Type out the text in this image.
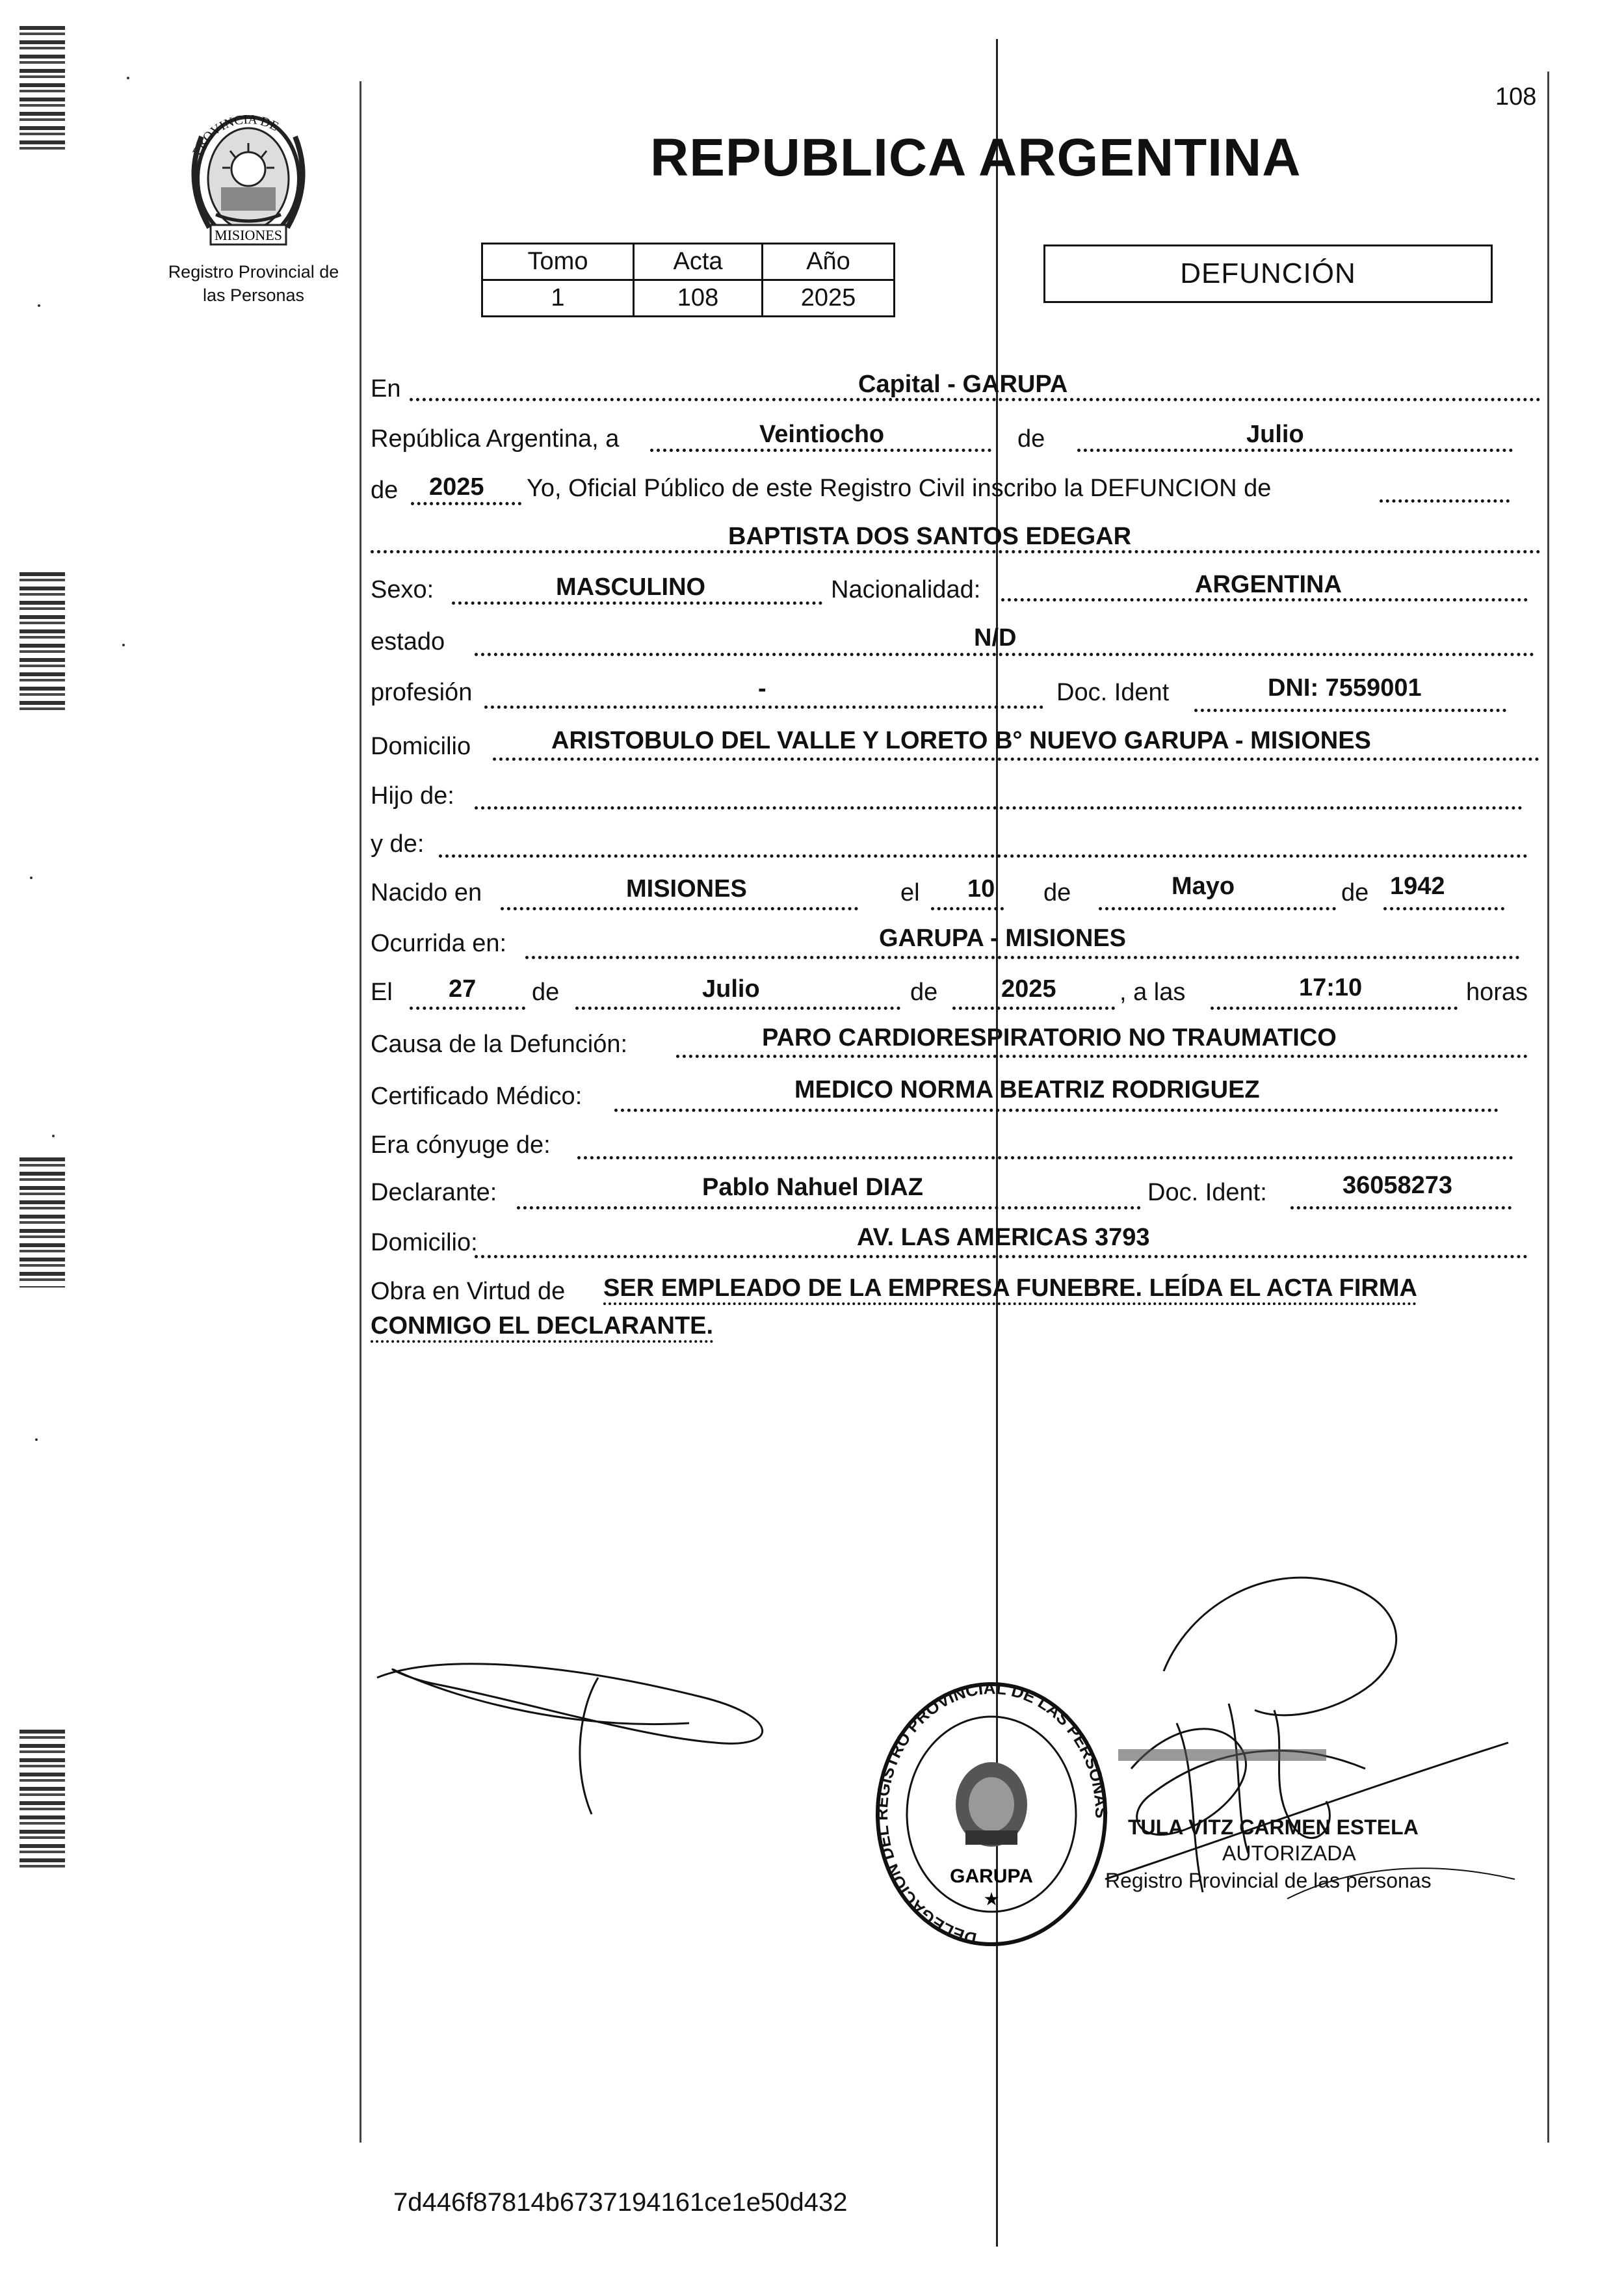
108
PROVINCIA DE
MISIONES
Registro Provincial de
las Personas
REPUBLICA ARGENTINA
Tomo	Acta	Año
1	108	2025
DEFUNCIÓN
En	Capital - GARUPA
República Argentina, a	Veintiocho	de	Julio
de 2025 Yo, Oficial Público de este Registro Civil inscribo la DEFUNCION de
BAPTISTA DOS SANTOS EDEGAR
Sexo:	MASCULINO	Nacionalidad:	ARGENTINA
estado	N/D
profesión	-	Doc. Ident	DNI: 7559001
Domicilio	ARISTOBULO DEL VALLE Y LORETO B° NUEVO GARUPA - MISIONES
Hijo de:
y de:
Nacido en	MISIONES	el 10 de	Mayo	de 1942
Ocurrida en:	GARUPA - MISIONES
El 27 de	Julio	de	2025	, a las	17:10	horas
Causa de la Defunción:	PARO CARDIORESPIRATORIO NO TRAUMATICO
Certificado Médico:	MEDICO NORMA BEATRIZ RODRIGUEZ
Era cónyuge de:
Declarante:	Pablo Nahuel DIAZ	Doc. Ident:	36058273
Domicilio:	AV. LAS AMERICAS 3793
Obra en Virtud de SER EMPLEADO DE LA EMPRESA FUNEBRE. LEÍDA EL ACTA FIRMA
CONMIGO EL DECLARANTE.
DELEGACION DEL REGISTRO PROVINCIAL DE LAS PERSONAS
GARUPA
★
TULA VITZ CARMEN ESTELA
AUTORIZADA
Registro Provincial de las personas
7d446f87814b6737194161ce1e50d432
